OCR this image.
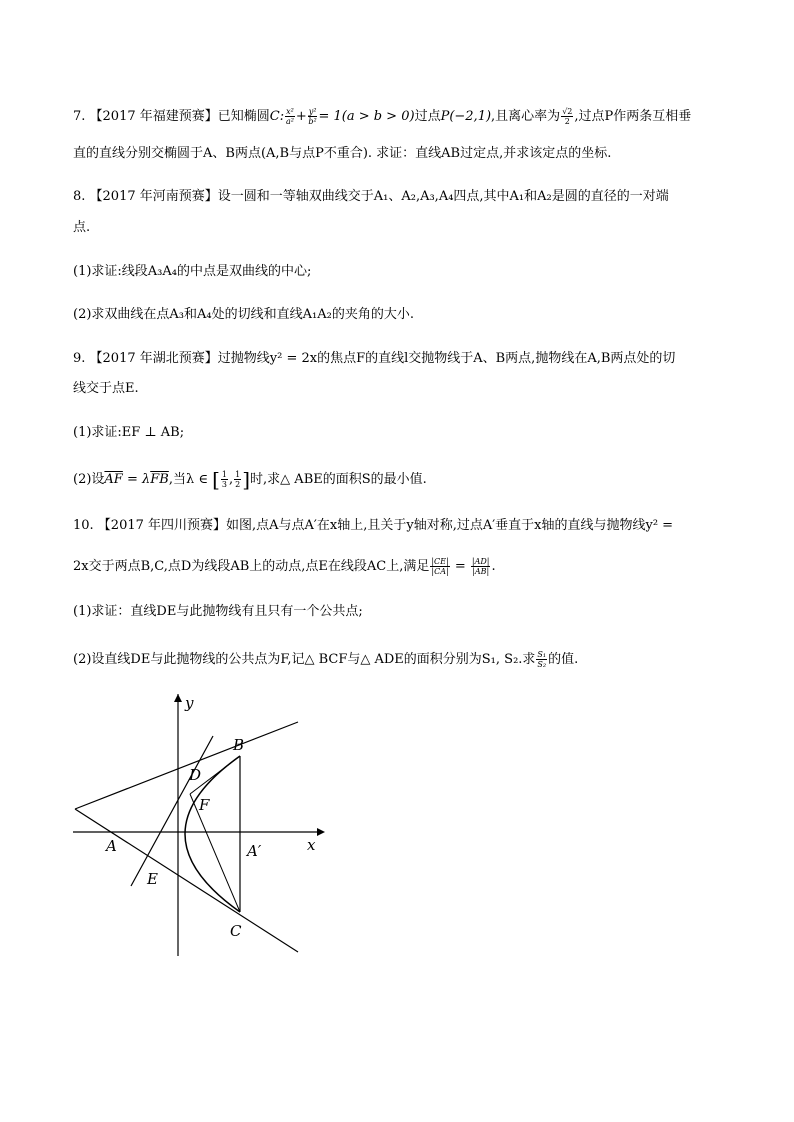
7. 【2017 年福建预赛】已知椭圆C: $\frac{\text{x²}}{\text{a²}} + \frac{\text{y²}}{\text{b²}} = 1(a > b > 0)$过点P(−2,1),且离心率为 $\frac{√2}{2}$ ,过点P作两条互相垂
直的直线分别交椭圆于A、B两点(A,B与点P不重合). 求证：直线AB过定点,并求该定点的坐标.
8. 【2017 年河南预赛】设一圆和一等轴双曲线交于A₁、A₂,A₃,A₄四点,其中A₁和A₂是圆的直径的一对端
点.
(1)求证:线段A₃A₄的中点是双曲线的中心;
(2)求双曲线在点A₃和A₄处的切线和直线A₁A₂的夹角的大小.
9. 【2017 年湖北预赛】过抛物线y² = 2x的焦点F的直线l交抛物线于A、B两点,抛物线在A,B两点处的切
线交于点E.
(1)求证:EF ⊥ AB;
(2)设$\overline{AF} = \lambda\overline{FB}$,当λ ∈ [ $\frac{1}{3}$ , $\frac{1}{2}$ ]时,求△ ABE的面积S的最小值.
10. 【2017 年四川预赛】如图,点A与点A′在x轴上,且关于y轴对称,过点A′垂直于x轴的直线与抛物线y² =
2x交于两点B,C,点D为线段AB上的动点,点E在线段AC上,满足 $\frac{|CE|}{|CA|} = \frac{|AD|}{|AB|}$ .
(1)求证：直线DE与此抛物线有且只有一个公共点;
(2)设直线DE与此抛物线的公共点为F,记△ BCF与△ ADE的面积分别为S₁, S₂.求 $\frac{\text{S₁}}{\text{S₂}}$ 的值.
y
x
A	A′
B
C
D
E
F
